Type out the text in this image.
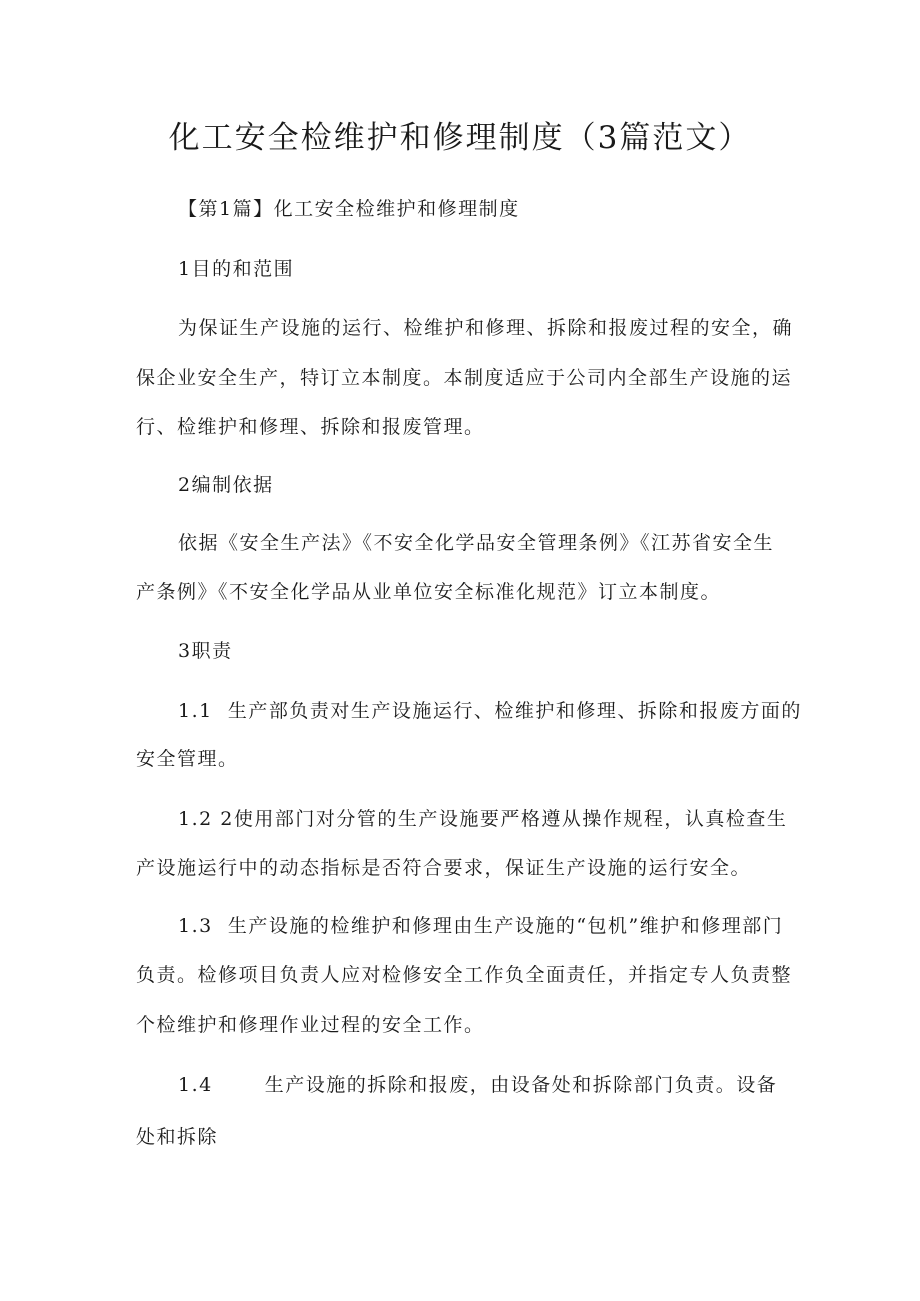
化工安全检维护和修理制度（3篇范文）
【第1篇】化工安全检维护和修理制度
1目的和范围
为保证生产设施的运行、检维护和修理、拆除和报废过程的安全，确
保企业安全生产，特订立本制度。本制度适应于公司内全部生产设施的运
行、检维护和修理、拆除和报废管理。
2编制依据
依据《安全生产法》《不安全化学品安全管理条例》《江苏省安全生
产条例》《不安全化学品从业单位安全标准化规范》订立本制度。
3职责
1.1 生产部负责对生产设施运行、检维护和修理、拆除和报废方面的
安全管理。
1.2 2使用部门对分管的生产设施要严格遵从操作规程，认真检查生
产设施运行中的动态指标是否符合要求，保证生产设施的运行安全。
1.3 生产设施的检维护和修理由生产设施的“包机”维护和修理部门
负责。检修项目负责人应对检修安全工作负全面责任，并指定专人负责整
个检维护和修理作业过程的安全工作。
1.4	生产设施的拆除和报废，由设备处和拆除部门负责。设备
处和拆除
